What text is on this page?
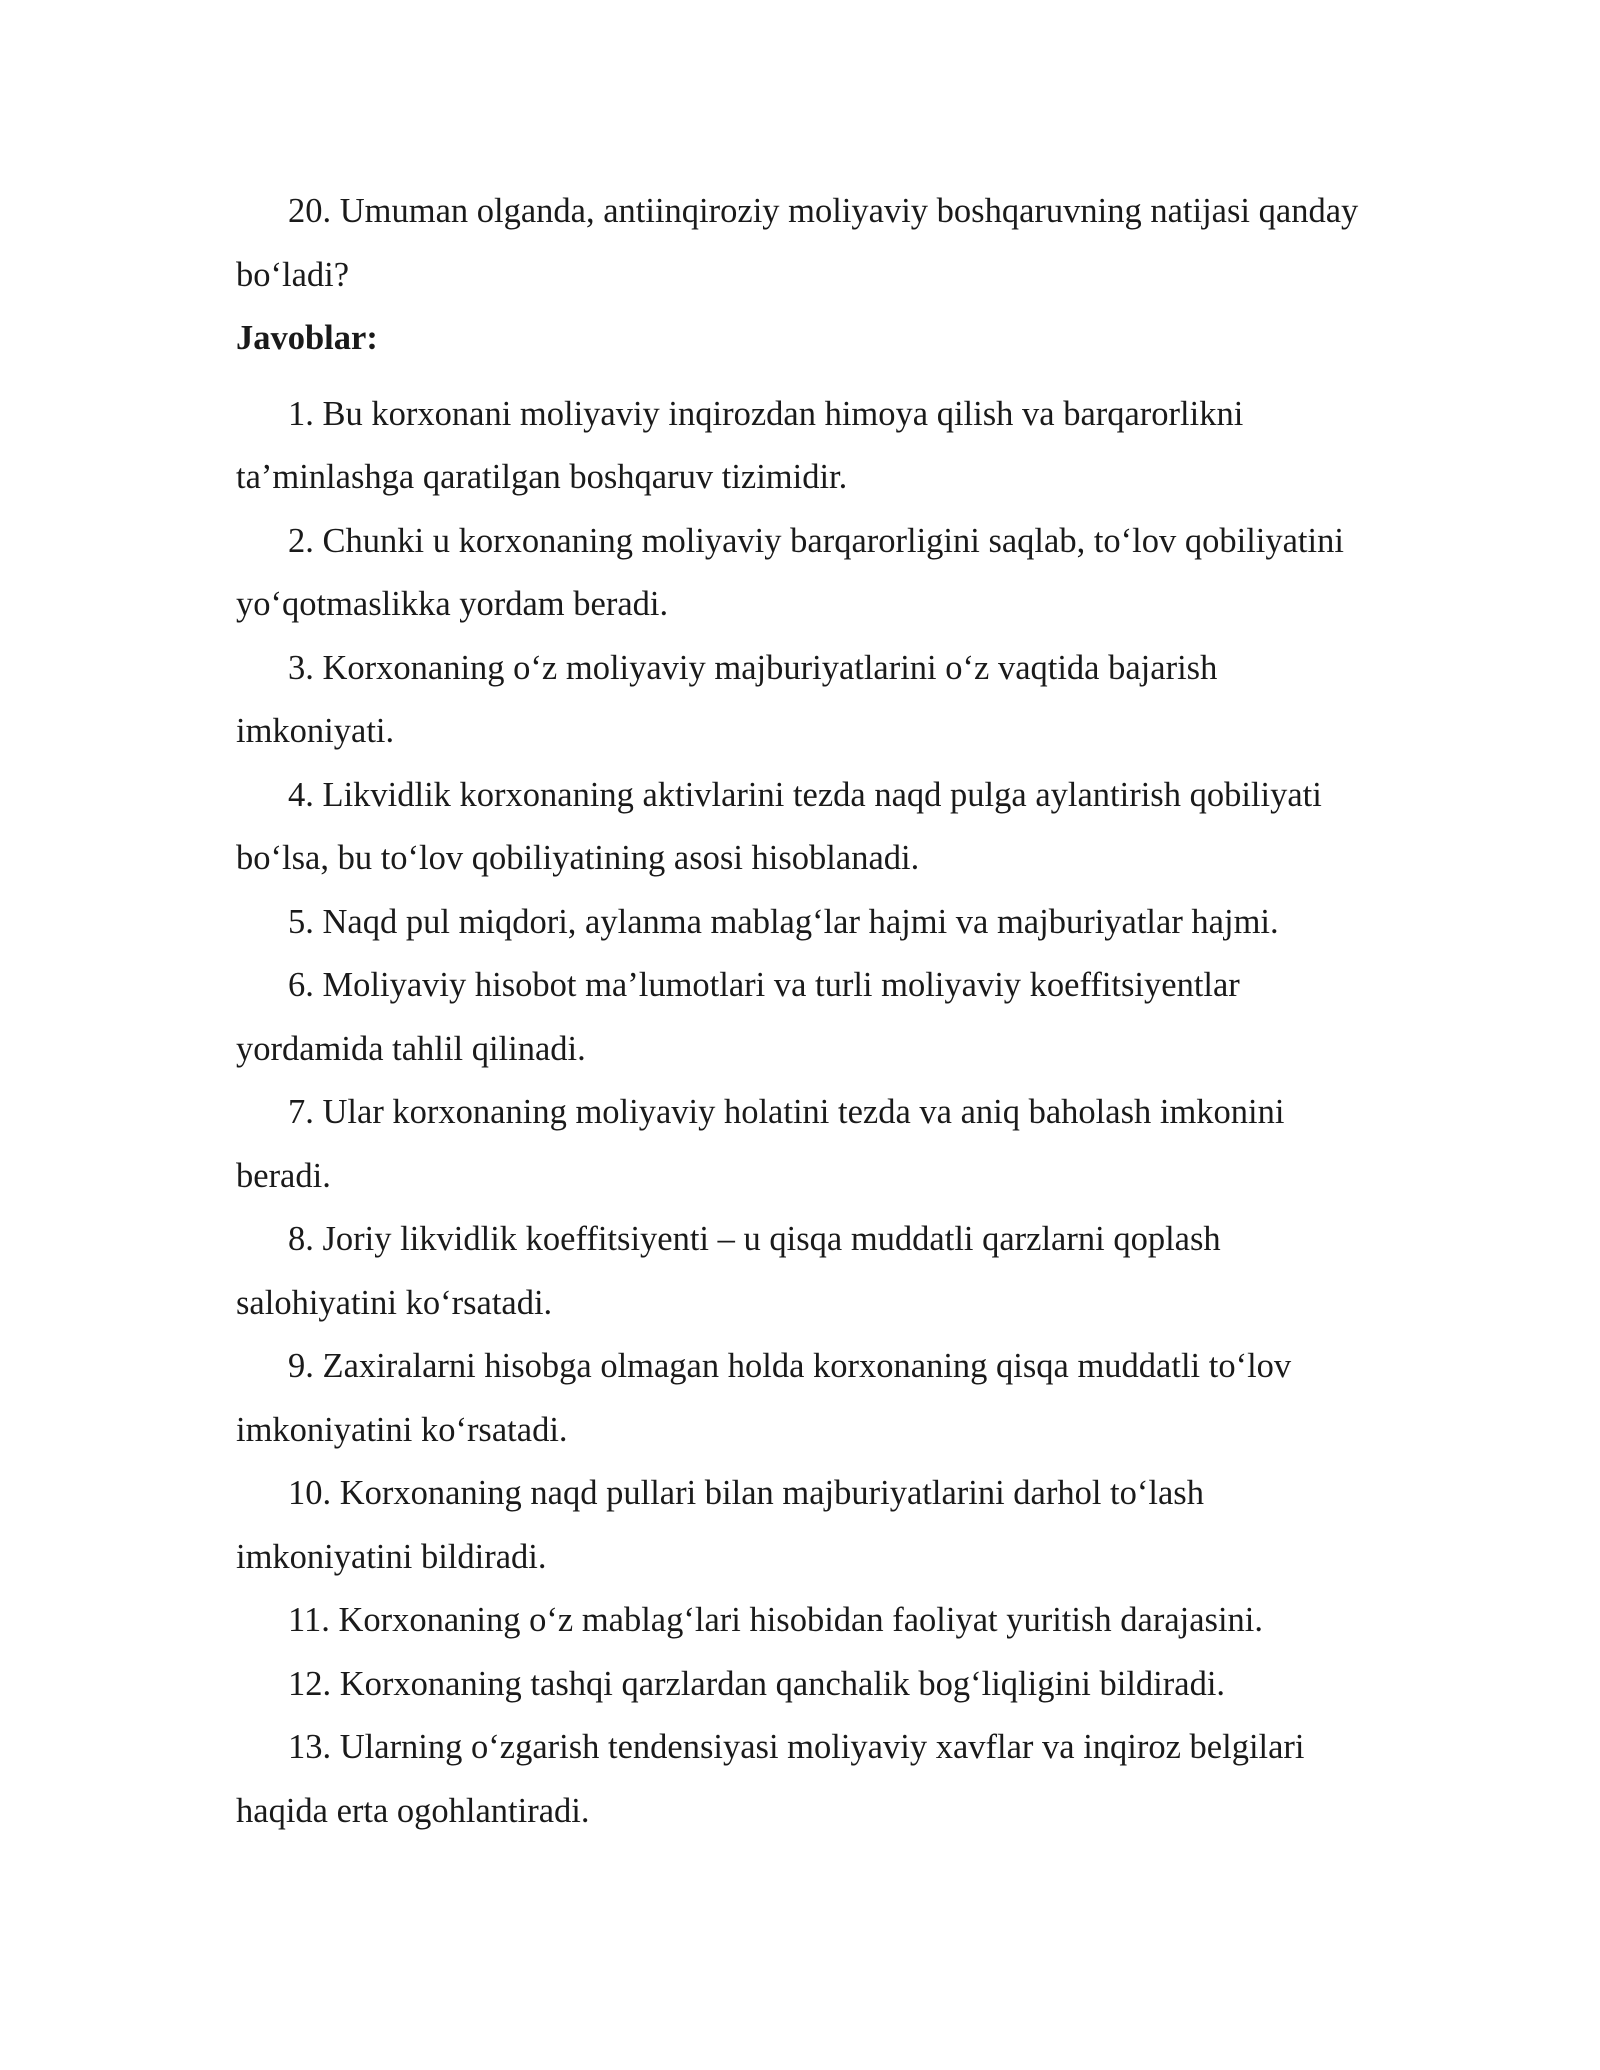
20. Umuman olganda, antiinqiroziy moliyaviy boshqaruvning natijasi qanday bo‘ladi?

Javoblar:

1. Bu korxonani moliyaviy inqirozdan himoya qilish va barqarorlikni ta’minlashga qaratilgan boshqaruv tizimidir.

2. Chunki u korxonaning moliyaviy barqarorligini saqlab, to‘lov qobiliyatini yo‘qotmaslikka yordam beradi.

3. Korxonaning o‘z moliyaviy majburiyatlarini o‘z vaqtida bajarish imkoniyati.

4. Likvidlik korxonaning aktivlarini tezda naqd pulga aylantirish qobiliyati bo‘lsa, bu to‘lov qobiliyatining asosi hisoblanadi.

5. Naqd pul miqdori, aylanma mablag‘lar hajmi va majburiyatlar hajmi.

6. Moliyaviy hisobot ma’lumotlari va turli moliyaviy koeffitsiyentlar yordamida tahlil qilinadi.

7. Ular korxonaning moliyaviy holatini tezda va aniq baholash imkonini beradi.

8. Joriy likvidlik koeffitsiyenti – u qisqa muddatli qarzlarni qoplash salohiyatini ko‘rsatadi.

9. Zaxiralarni hisobga olmagan holda korxonaning qisqa muddatli to‘lov imkoniyatini ko‘rsatadi.

10. Korxonaning naqd pullari bilan majburiyatlarini darhol to‘lash imkoniyatini bildiradi.

11. Korxonaning o‘z mablag‘lari hisobidan faoliyat yuritish darajasini.

12. Korxonaning tashqi qarzlardan qanchalik bog‘liqligini bildiradi.

13. Ularning o‘zgarish tendensiyasi moliyaviy xavflar va inqiroz belgilari haqida erta ogohlantiradi.
